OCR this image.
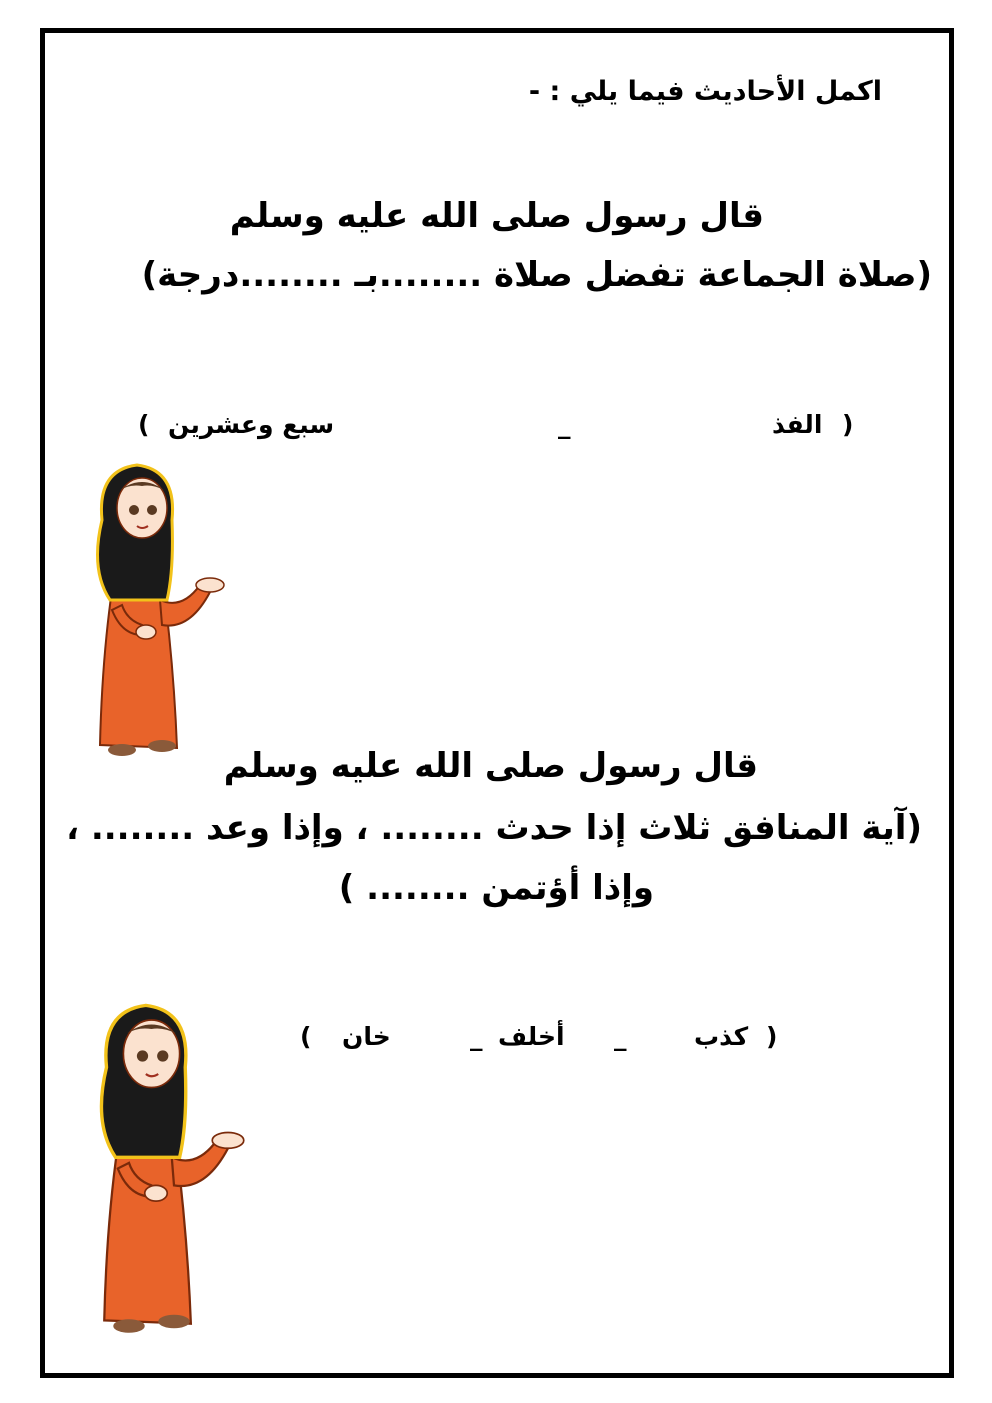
اكمل الأحاديث فيما يلي : -
قال رسول صلى الله عليه وسلم
(صلاة الجماعة تفضل صلاة ........بـ ........درجة)
(
الفذ
_
سبع وعشرين
)
قال رسول صلى الله عليه وسلم
(آية المنافق ثلاث إذا حدث ........ ، وإذا وعد ........ ،
وإذا أؤتمن ........ )
(
كذب
_
أخلف
_
خان
)
